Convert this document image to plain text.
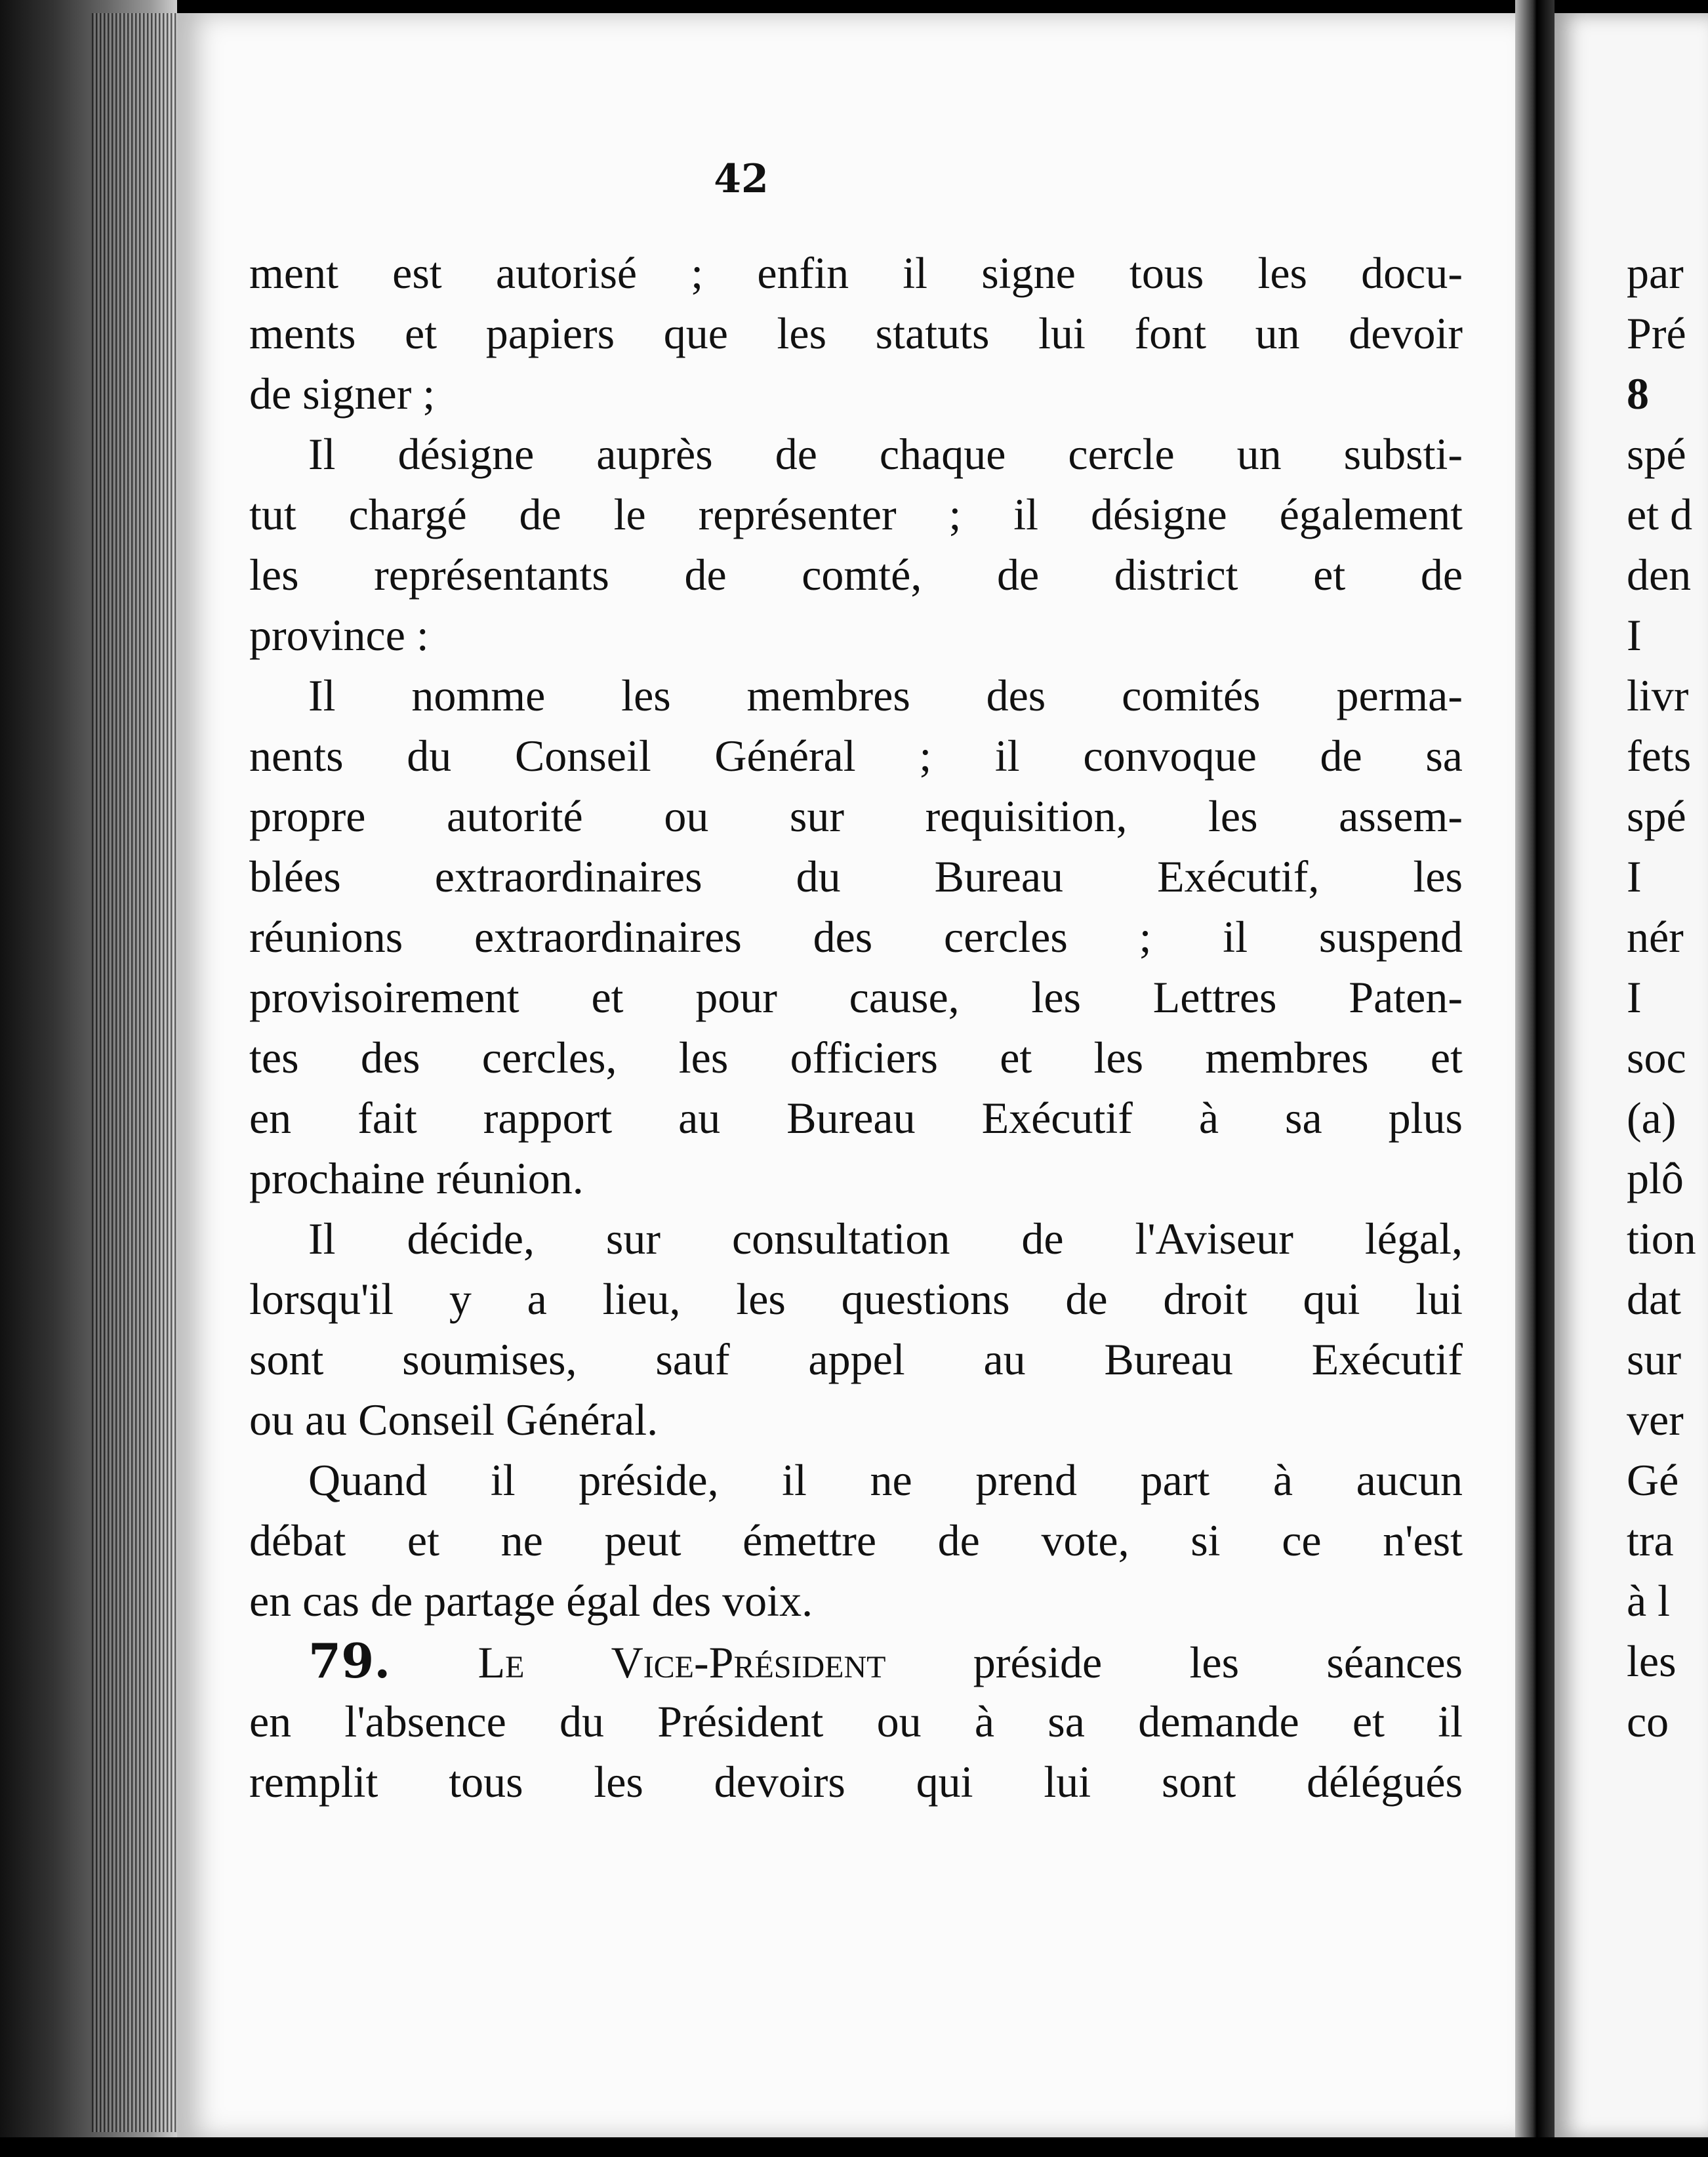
42
ment est autorisé ; enfin il signe tous les docu-
ments et papiers que les statuts lui font un devoir
de signer ;
Il désigne auprès de chaque cercle un substi-
tut chargé de le représenter ; il désigne également
les représentants de comté, de district et de
province :
Il nomme les membres des comités perma-
nents du Conseil Général ; il convoque de sa
propre autorité ou sur requisition, les assem-
blées extraordinaires du Bureau Exécutif, les
réunions extraordinaires des cercles ; il suspend
provisoirement et pour cause, les Lettres Paten-
tes des cercles, les officiers et les membres et
en fait rapport au Bureau Exécutif à sa plus
prochaine réunion.
Il décide, sur consultation de l'Aviseur légal,
lorsqu'il y a lieu, les questions de droit qui lui
sont soumises, sauf appel au Bureau Exécutif
ou au Conseil Général.
Quand il préside, il ne prend part à aucun
débat et ne peut émettre de vote, si ce n'est
en cas de partage égal des voix.
79. Le Vice-Président préside les séances
en l'absence du Président ou à sa demande et il
remplit tous les devoirs qui lui sont délégués
par
Pré
8
spé
et d
den
I
livr
fets
spé
I
nér
I
soc
(a)
plô
tion
dat
sur
ver
Gé
tra
à l
les
co
